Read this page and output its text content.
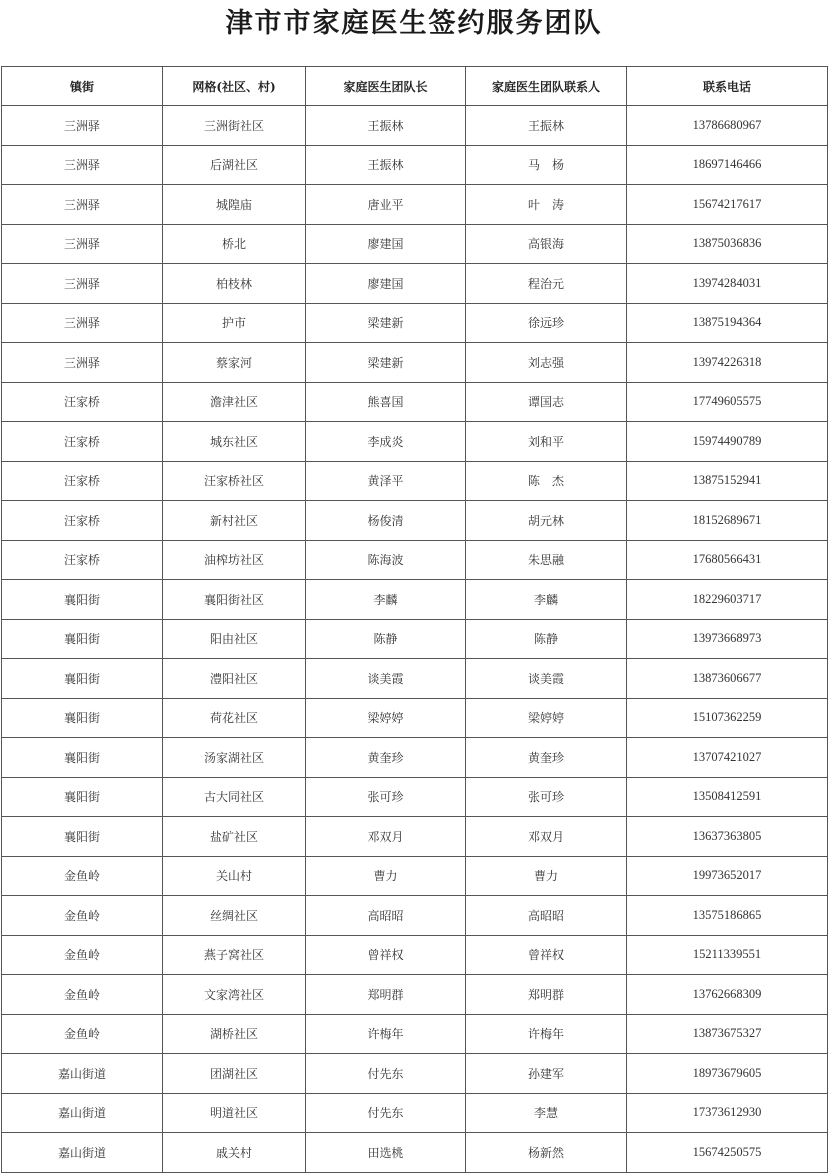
津市市家庭医生签约服务团队
镇街	网格(社区、村)	家庭医生团队长	家庭医生团队联系人	联系电话
三洲驿	三洲街社区	王振林	王振林	13786680967
三洲驿	后湖社区	王振林	马　杨	18697146466
三洲驿	城隍庙	唐业平	叶　涛	15674217617
三洲驿	桥北	廖建国	高银海	13875036836
三洲驿	柏枝林	廖建国	程治元	13974284031
三洲驿	护市	梁建新	徐远珍	13875194364
三洲驿	蔡家河	梁建新	刘志强	13974226318
汪家桥	澹津社区	熊喜国	谭国志	17749605575
汪家桥	城东社区	李成炎	刘和平	15974490789
汪家桥	汪家桥社区	黄泽平	陈　杰	13875152941
汪家桥	新村社区	杨俊清	胡元林	18152689671
汪家桥	油榨坊社区	陈海波	朱思融	17680566431
襄阳街	襄阳街社区	李麟	李麟	18229603717
襄阳街	阳由社区	陈静	陈静	13973668973
襄阳街	澧阳社区	谈美霞	谈美霞	13873606677
襄阳街	荷花社区	梁婷婷	梁婷婷	15107362259
襄阳街	汤家湖社区	黄奎珍	黄奎珍	13707421027
襄阳街	古大同社区	张可珍	张可珍	13508412591
襄阳街	盐矿社区	邓双月	邓双月	13637363805
金鱼岭	关山村	曹力	曹力	19973652017
金鱼岭	丝绸社区	高昭昭	高昭昭	13575186865
金鱼岭	燕子窝社区	曾祥权	曾祥权	15211339551
金鱼岭	文家湾社区	郑明群	郑明群	13762668309
金鱼岭	湖桥社区	许梅年	许梅年	13873675327
嘉山街道	团湖社区	付先东	孙建军	18973679605
嘉山街道	明道社区	付先东	李慧	17373612930
嘉山街道	戚关村	田选桃	杨新然	15674250575
